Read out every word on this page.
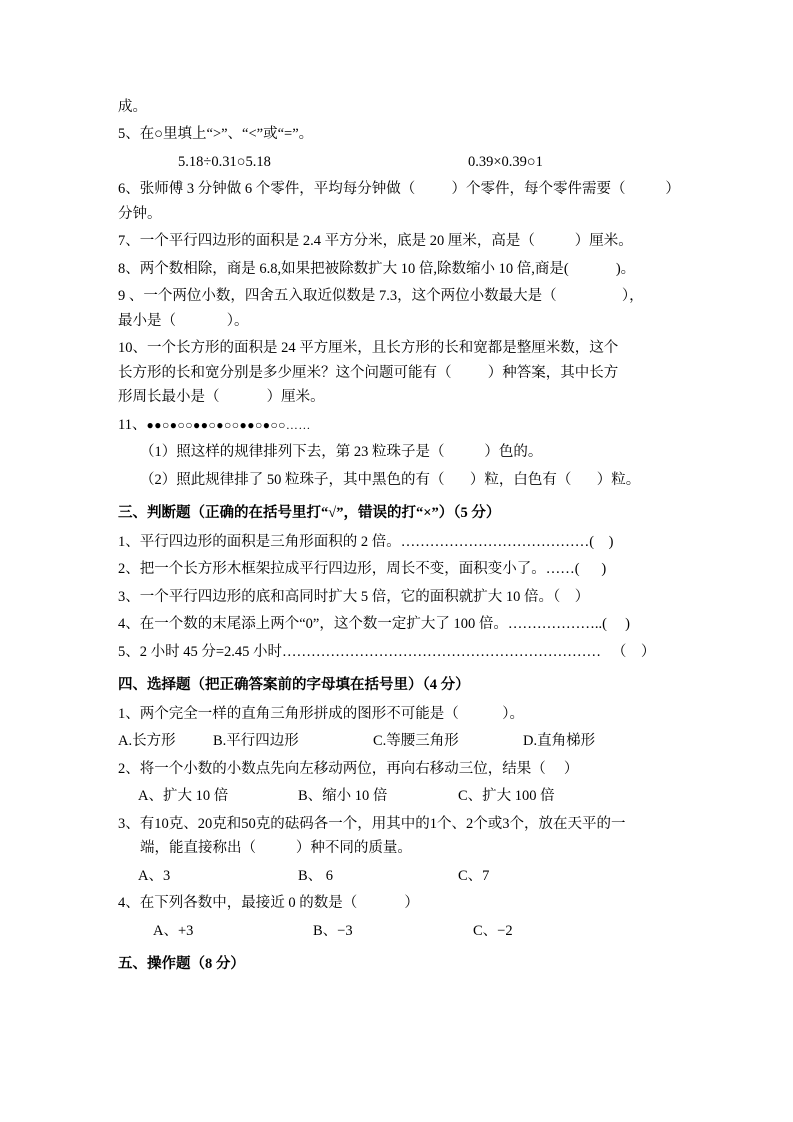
成。

5、在○里填上“>”、“<”或“=”。

5.18÷0.31○5.18	0.39×0.39○1

6、张师傅 3 分钟做 6 个零件，平均每分钟做（          ）个零件，每个零件需要（           ）

分钟。

7、一个平行四边形的面积是 2.4 平方分米，底是 20 厘米，高是（           ）厘米。

8、两个数相除，商是 6.8,如果把被除数扩大 10 倍,除数缩小 10 倍,商是(             )。

9 、一个两位小数，四舍五入取近似数是 7.3，这个两位小数最大是（                  ），

最小是（              ）。

10、一个长方形的面积是 24 平方厘米，且长方形的长和宽都是整厘米数，这个

长方形的长和宽分别是多少厘米？这个问题可能有（          ）种答案，其中长方

形周长最小是（             ）厘米。

11、●●○●○○●●○●○○●●○●○○……

（1）照这样的规律排列下去，第 23 粒珠子是（           ）色的。

（2）照此规律排了 50 粒珠子，其中黑色的有（       ）粒，白色有（       ）粒。

三、判断题（正确的在括号里打“√”，错误的打“×”）（5 分）

1、平行四边形的面积是三角形面积的 2 倍。…………………………………(    )

2、把一个长方形木框架拉成平行四边形，周长不变，面积变小了。……(      )

3、一个平行四边形的底和高同时扩大 5 倍，它的面积就扩大 10 倍。（    ）

4、在一个数的末尾添上两个“0”，这个数一定扩大了 100 倍。………………..(     )

5、2 小时 45 分=2.45 小时…………………………………………………………   （    ）

四、选择题（把正确答案前的字母填在括号里）（4 分）

1、两个完全一样的直角三角形拼成的图形不可能是（            ）。

A.长方形	B.平行四边形	C.等腰三角形	D.直角梯形

2、将一个小数的小数点先向左移动两位，再向右移动三位，结果（     ）

A、扩大 10 倍	B、缩小 10 倍	C、扩大 100 倍

3、有10克、20克和50克的砝码各一个，用其中的1个、2个或3个，放在天平的一

端，能直接称出（           ）种不同的质量。

A、3	B、 6	C、7

4、在下列各数中，最接近 0 的数是（             ）

A、+3	B、−3	C、−2

五、操作题（8 分）
